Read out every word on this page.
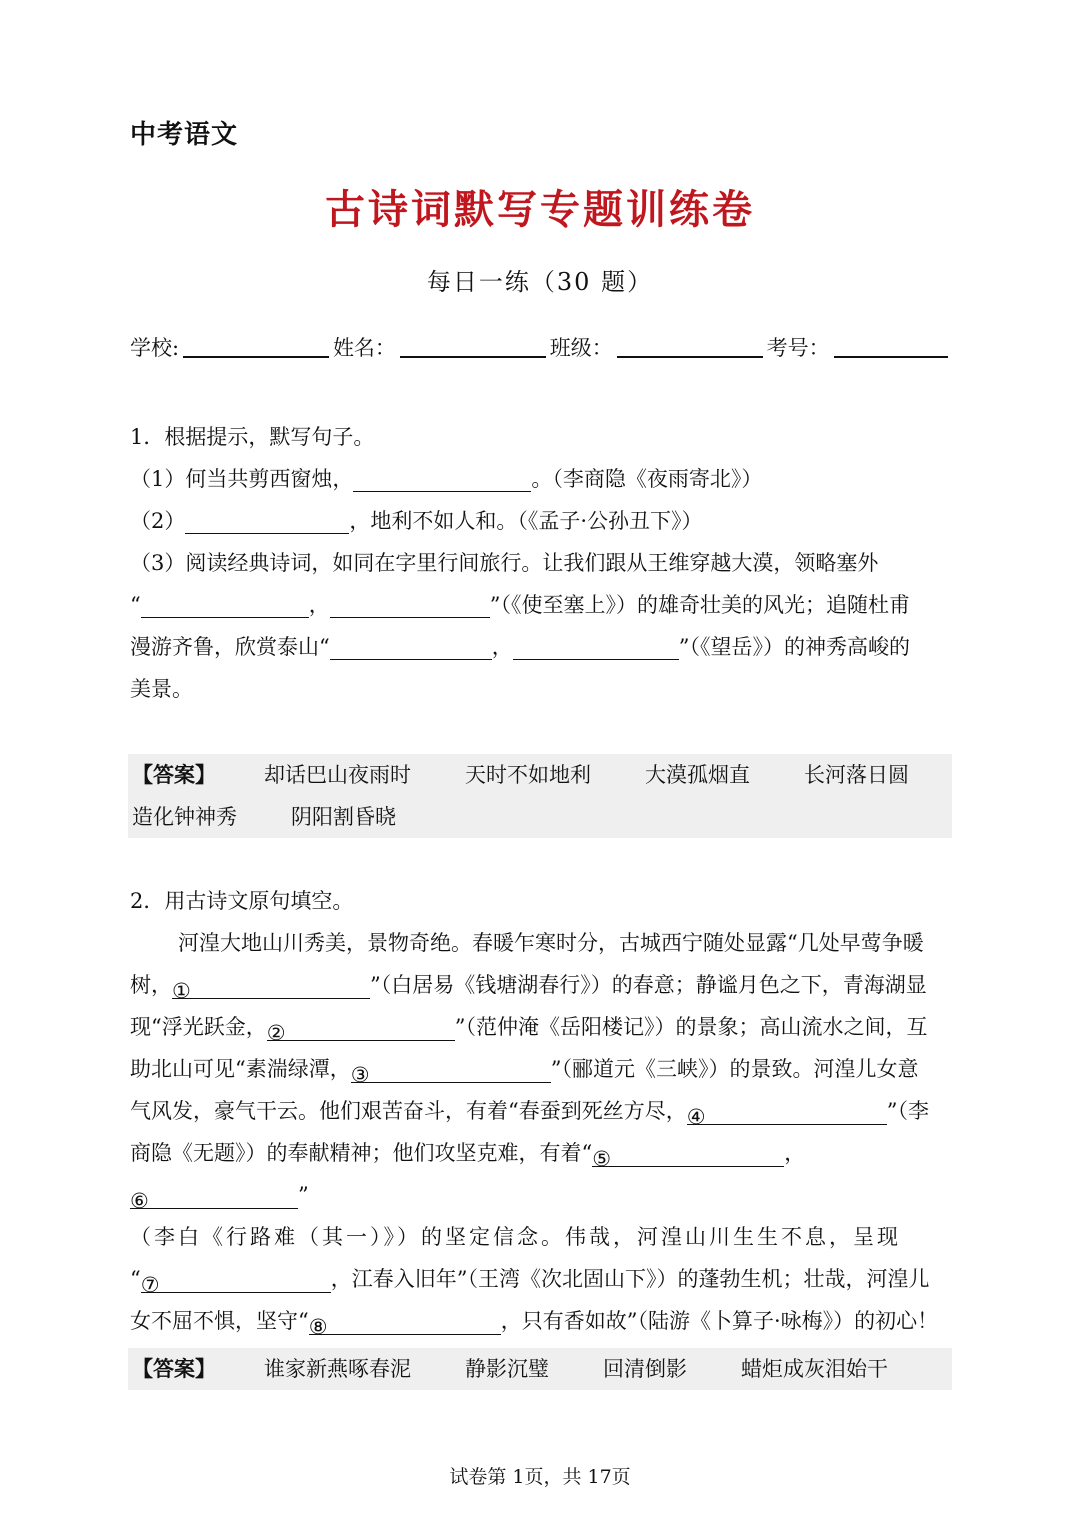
中考语文
古诗词默写专题训练卷
每日一练（30 题）
学校:	姓名：	班级：	考号：

1．根据提示，默写句子。

（1）何当共剪西窗烛，	。（李商隐《夜雨寄北》）

（2）	，地利不如人和。（《孟子·公孙丑下》）

（3）阅读经典诗词，如同在字里行间旅行。让我们跟从王维穿越大漠，领略塞外

“	，	”（《使至塞上》）的雄奇壮美的风光；追随杜甫

漫游齐鲁，欣赏泰山“	，	”（《望岳》）的神秀高峻的

美景。

【答案】 却话巴山夜雨时	天时不如地利	大漠孤烟直	长河落日圆
造化钟神秀	阴阳割昏晓

2．用古诗文原句填空。

河湟大地山川秀美，景物奇绝。春暖乍寒时分，古城西宁随处显露“几处早莺争暖

树，①	”（白居易《钱塘湖春行》）的春意；静谧月色之下，青海湖显

现“浮光跃金，②	”（范仲淹《岳阳楼记》）的景象；高山流水之间，互

助北山可见“素湍绿潭，③	”（郦道元《三峡》）的景致。河湟儿女意

气风发，豪气干云。他们艰苦奋斗，有着“春蚕到死丝方尽，④	”（李

商隐《无题》）的奉献精神；他们攻坚克难，有着“⑤	，⑥	”

（李白《行路难（其一）》）的坚定信念。伟哉，河湟山川生生不息，呈现

“⑦	，江春入旧年”（王湾《次北固山下》）的蓬勃生机；壮哉，河湟儿

女不屈不惧，坚守“⑧	，只有香如故”（陆游《卜算子·咏梅》）的初心！

【答案】 谁家新燕啄春泥	静影沉璧	回清倒影	蜡炬成灰泪始干
试卷第 1页，共 17页
